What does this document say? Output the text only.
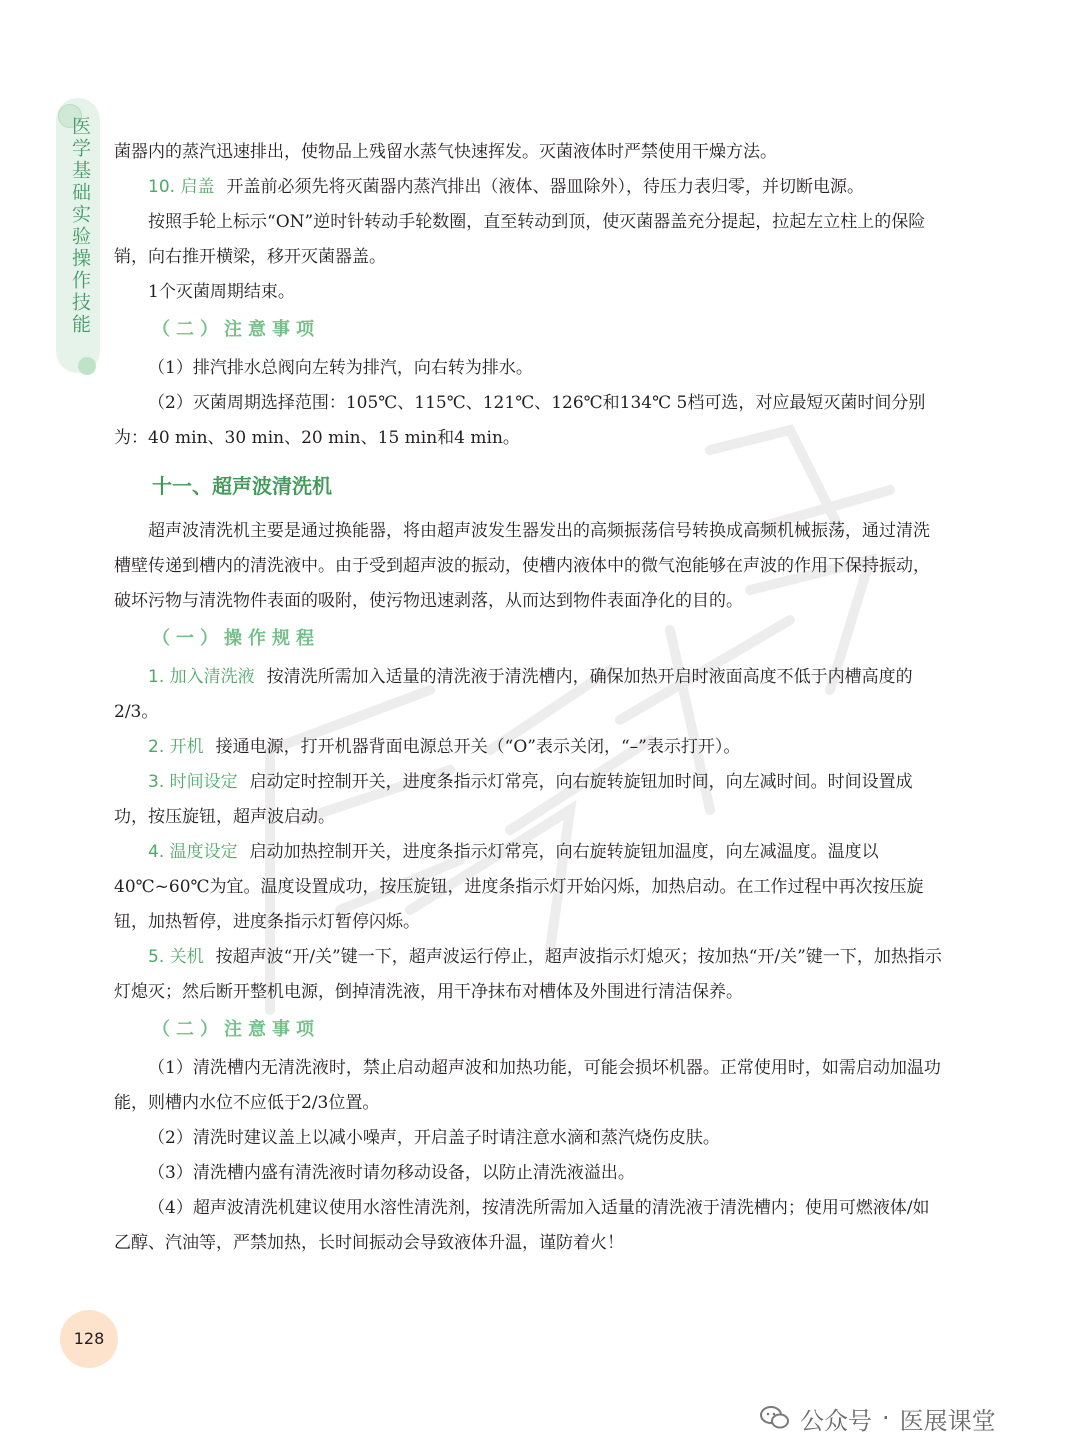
医学基础实验操作技能 菌器内的蒸汽迅速排出，使物品上残留水蒸气快速挥发。灭菌液体时严禁使用干燥方法。

10. 启盖 开盖前必须先将灭菌器内蒸汽排出（液体、器皿除外），待压力表归零，并切断电源。

按照手轮上标示“ON”逆时针转动手轮数圈，直至转动到顶，使灭菌器盖充分提起，拉起左立柱上的保险销，向右推开横梁，移开灭菌器盖。

1个灭菌周期结束。

（二）注意事项

（1）排汽排水总阀向左转为排汽，向右转为排水。

（2）灭菌周期选择范围：105℃、115℃、121℃、126℃和134℃ 5档可选，对应最短灭菌时间分别为：40 min、30 min、20 min、15 min和4 min。

十一、超声波清洗机

超声波清洗机主要是通过换能器，将由超声波发生器发出的高频振荡信号转换成高频机械振荡，通过清洗槽壁传递到槽内的清洗液中。由于受到超声波的振动，使槽内液体中的微气泡能够在声波的作用下保持振动，破坏污物与清洗物件表面的吸附，使污物迅速剥落，从而达到物件表面净化的目的。

（一）操作规程

1. 加入清洗液 按清洗所需加入适量的清洗液于清洗槽内，确保加热开启时液面高度不低于内槽高度的2/3。

2. 开机 接通电源，打开机器背面电源总开关（“O”表示关闭，“–”表示打开）。

3. 时间设定 启动定时控制开关，进度条指示灯常亮，向右旋转旋钮加时间，向左减时间。时间设置成功，按压旋钮，超声波启动。

4. 温度设定 启动加热控制开关，进度条指示灯常亮，向右旋转旋钮加温度，向左减温度。温度以40℃~60℃为宜。温度设置成功，按压旋钮，进度条指示灯开始闪烁，加热启动。在工作过程中再次按压旋钮，加热暂停，进度条指示灯暂停闪烁。

5. 关机 按超声波“开/关”键一下，超声波运行停止，超声波指示灯熄灭；按加热“开/关”键一下，加热指示灯熄灭；然后断开整机电源，倒掉清洗液，用干净抹布对槽体及外围进行清洁保养。

（二）注意事项

（1）清洗槽内无清洗液时，禁止启动超声波和加热功能，可能会损坏机器。正常使用时，如需启动加温功能，则槽内水位不应低于2/3位置。

（2）清洗时建议盖上以减小噪声，开启盖子时请注意水滴和蒸汽烧伤皮肤。

（3）清洗槽内盛有清洗液时请勿移动设备，以防止清洗液溢出。

（4）超声波清洗机建议使用水溶性清洗剂，按清洗所需加入适量的清洗液于清洗槽内；使用可燃液体/如乙醇、汽油等，严禁加热，长时间振动会导致液体升温，谨防着火！

128
公众号 · 医展课堂
